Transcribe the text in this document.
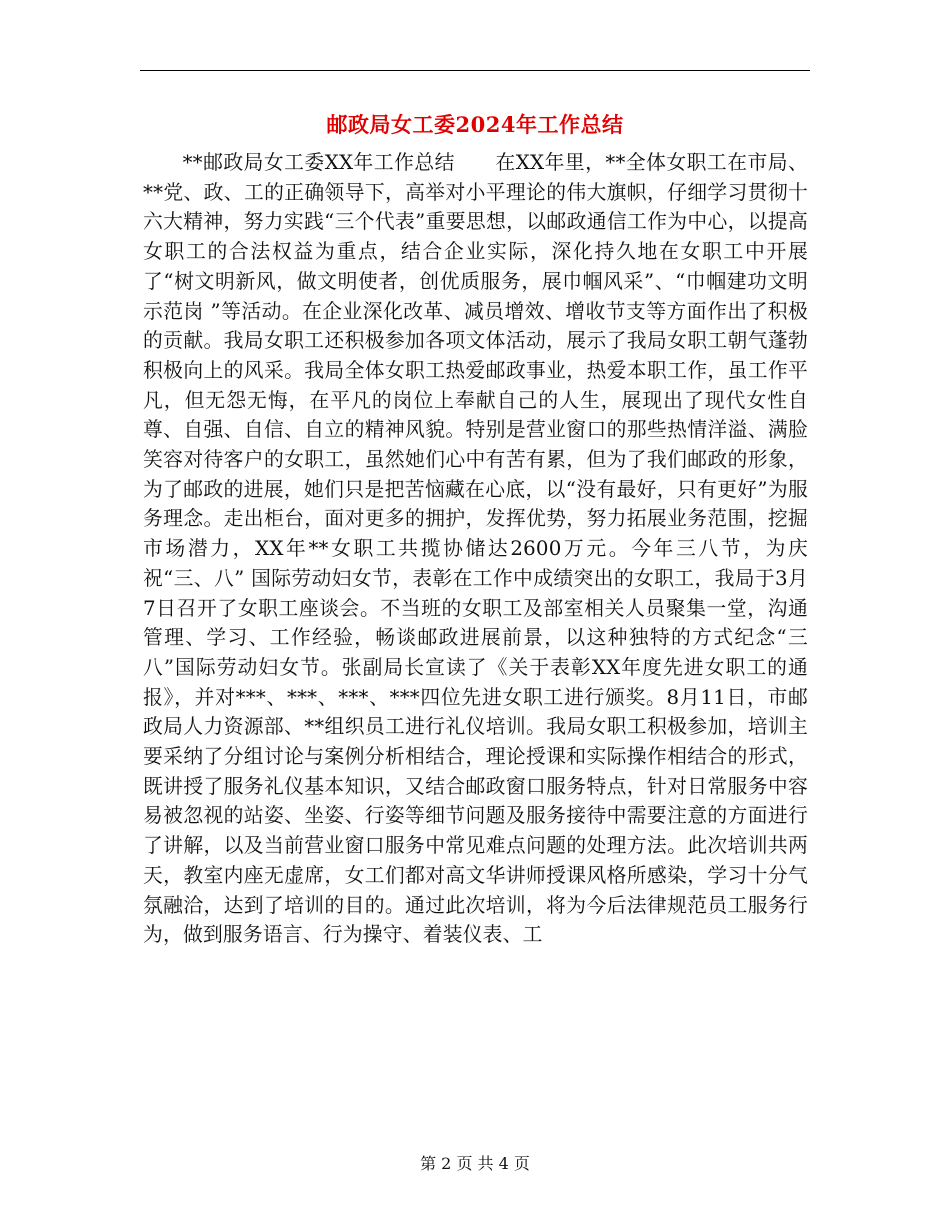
邮政局女工委2024年工作总结

**邮政局女工委XX年工作总结　　在XX年里，**全体女职工在市局、**党、政、工的正确领导下，高举对小平理论的伟大旗帜，仔细学习贯彻十六大精神，努力实践“三个代表”重要思想，以邮政通信工作为中心，以提高女职工的合法权益为重点，结合企业实际，深化持久地在女职工中开展了“树文明新风，做文明使者，创优质服务，展巾帼风采”、“巾帼建功文明示范岗 ”等活动。在企业深化改革、减员增效、增收节支等方面作出了积极的贡献。我局女职工还积极参加各项文体活动，展示了我局女职工朝气蓬勃积极向上的风采。我局全体女职工热爱邮政事业，热爱本职工作，虽工作平凡，但无怨无悔，在平凡的岗位上奉献自己的人生，展现出了现代女性自尊、自强、自信、自立的精神风貌。特别是营业窗口的那些热情洋溢、满脸笑容对待客户的女职工，虽然她们心中有苦有累，但为了我们邮政的形象，为了邮政的进展，她们只是把苦恼藏在心底，以“没有最好，只有更好”为服务理念。走出柜台，面对更多的拥护，发挥优势，努力拓展业务范围，挖掘市场潜力，XX年**女职工共揽协储达2600万元。今年三八节，为庆祝“三、八” 国际劳动妇女节，表彰在工作中成绩突出的女职工，我局于3月7日召开了女职工座谈会。不当班的女职工及部室相关人员聚集一堂，沟通管理、学习、工作经验，畅谈邮政进展前景，以这种独特的方式纪念“三八”国际劳动妇女节。张副局长宣读了《关于表彰XX年度先进女职工的通报》，并对***、***、***、***四位先进女职工进行颁奖。8月11日，市邮政局人力资源部、**组织员工进行礼仪培训。我局女职工积极参加，培训主要采纳了分组讨论与案例分析相结合，理论授课和实际操作相结合的形式，既讲授了服务礼仪基本知识，又结合邮政窗口服务特点，针对日常服务中容易被忽视的站姿、坐姿、行姿等细节问题及服务接待中需要注意的方面进行了讲解，以及当前营业窗口服务中常见难点问题的处理方法。此次培训共两天，教室内座无虚席，女工们都对高文华讲师授课风格所感染，学习十分气氛融洽，达到了培训的目的。通过此次培训，将为今后法律规范员工服务行为，做到服务语言、行为操守、着装仪表、工

第 2 页 共 4 页
